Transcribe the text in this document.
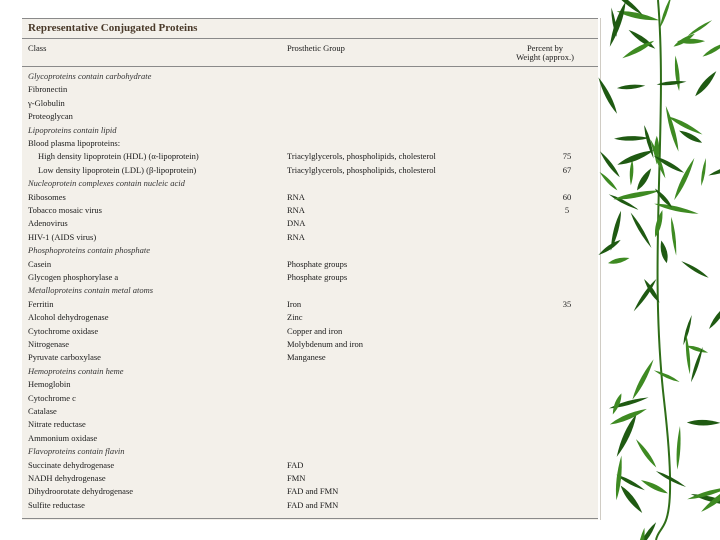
Representative Conjugated Proteins
Class	Prosthetic Group	Percent by Weight (approx.)
Glycoproteins contain carbohydrate
Fibronectin
γ-Globulin
Proteoglycan
Lipoproteins contain lipid
Blood plasma lipoproteins:
High density lipoprotein (HDL) (α-lipoprotein)	Triacylglycerols, phospholipids, cholesterol	75
Low density lipoprotein (LDL) (β-lipoprotein)	Triacylglycerols, phospholipids, cholesterol	67
Nucleoprotein complexes contain nucleic acid
Ribosomes	RNA	60
Tobacco mosaic virus	RNA	5
Adenovirus	DNA
HIV-1 (AIDS virus)	RNA
Phosphoproteins contain phosphate
Casein	Phosphate groups
Glycogen phosphorylase a	Phosphate groups
Metalloproteins contain metal atoms
Ferritin	Iron	35
Alcohol dehydrogenase	Zinc
Cytochrome oxidase	Copper and iron
Nitrogenase	Molybdenum and iron
Pyruvate carboxylase	Manganese
Hemoproteins contain heme
Hemoglobin
Cytochrome c
Catalase
Nitrate reductase
Ammonium oxidase
Flavoproteins contain flavin
Succinate dehydrogenase	FAD
NADH dehydrogenase	FMN
Dihydroorotate dehydrogenase	FAD and FMN
Sulfite reductase	FAD and FMN
